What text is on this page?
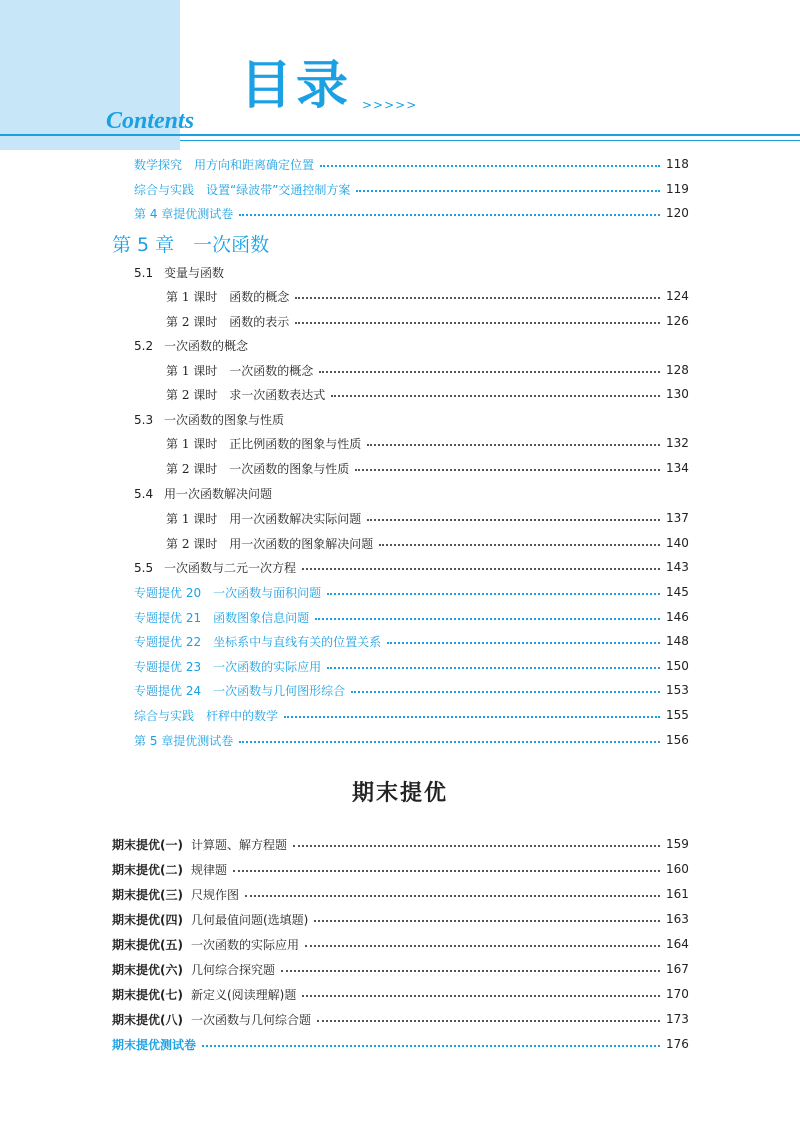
目录 >>>>>
Contents
数学探究　用方向和距离确定位置	118
综合与实践　设置“绿波带”交通控制方案	119
第 4 章提优测试卷	120
第 5 章　一次函数
5.1 变量与函数
第 1 课时　函数的概念	124
第 2 课时　函数的表示	126
5.2 一次函数的概念
第 1 课时　一次函数的概念	128
第 2 课时　求一次函数表达式	130
5.3 一次函数的图象与性质
第 1 课时　正比例函数的图象与性质	132
第 2 课时　一次函数的图象与性质	134
5.4 用一次函数解决问题
第 1 课时　用一次函数解决实际问题	137
第 2 课时　用一次函数的图象解决问题	140
5.5 一次函数与二元一次方程	143
专题提优 20　一次函数与面积问题	145
专题提优 21　函数图象信息问题	146
专题提优 22　坐标系中与直线有关的位置关系	148
专题提优 23　一次函数的实际应用	150
专题提优 24　一次函数与几何图形综合	153
综合与实践　杆秤中的数学	155
第 5 章提优测试卷	156
期末提优
期末提优(一) 计算题、解方程题	159
期末提优(二) 规律题	160
期末提优(三) 尺规作图	161
期末提优(四) 几何最值问题(选填题)	163
期末提优(五) 一次函数的实际应用	164
期末提优(六) 几何综合探究题	167
期末提优(七) 新定义(阅读理解)题	170
期末提优(八) 一次函数与几何综合题	173
期末提优测试卷	176
